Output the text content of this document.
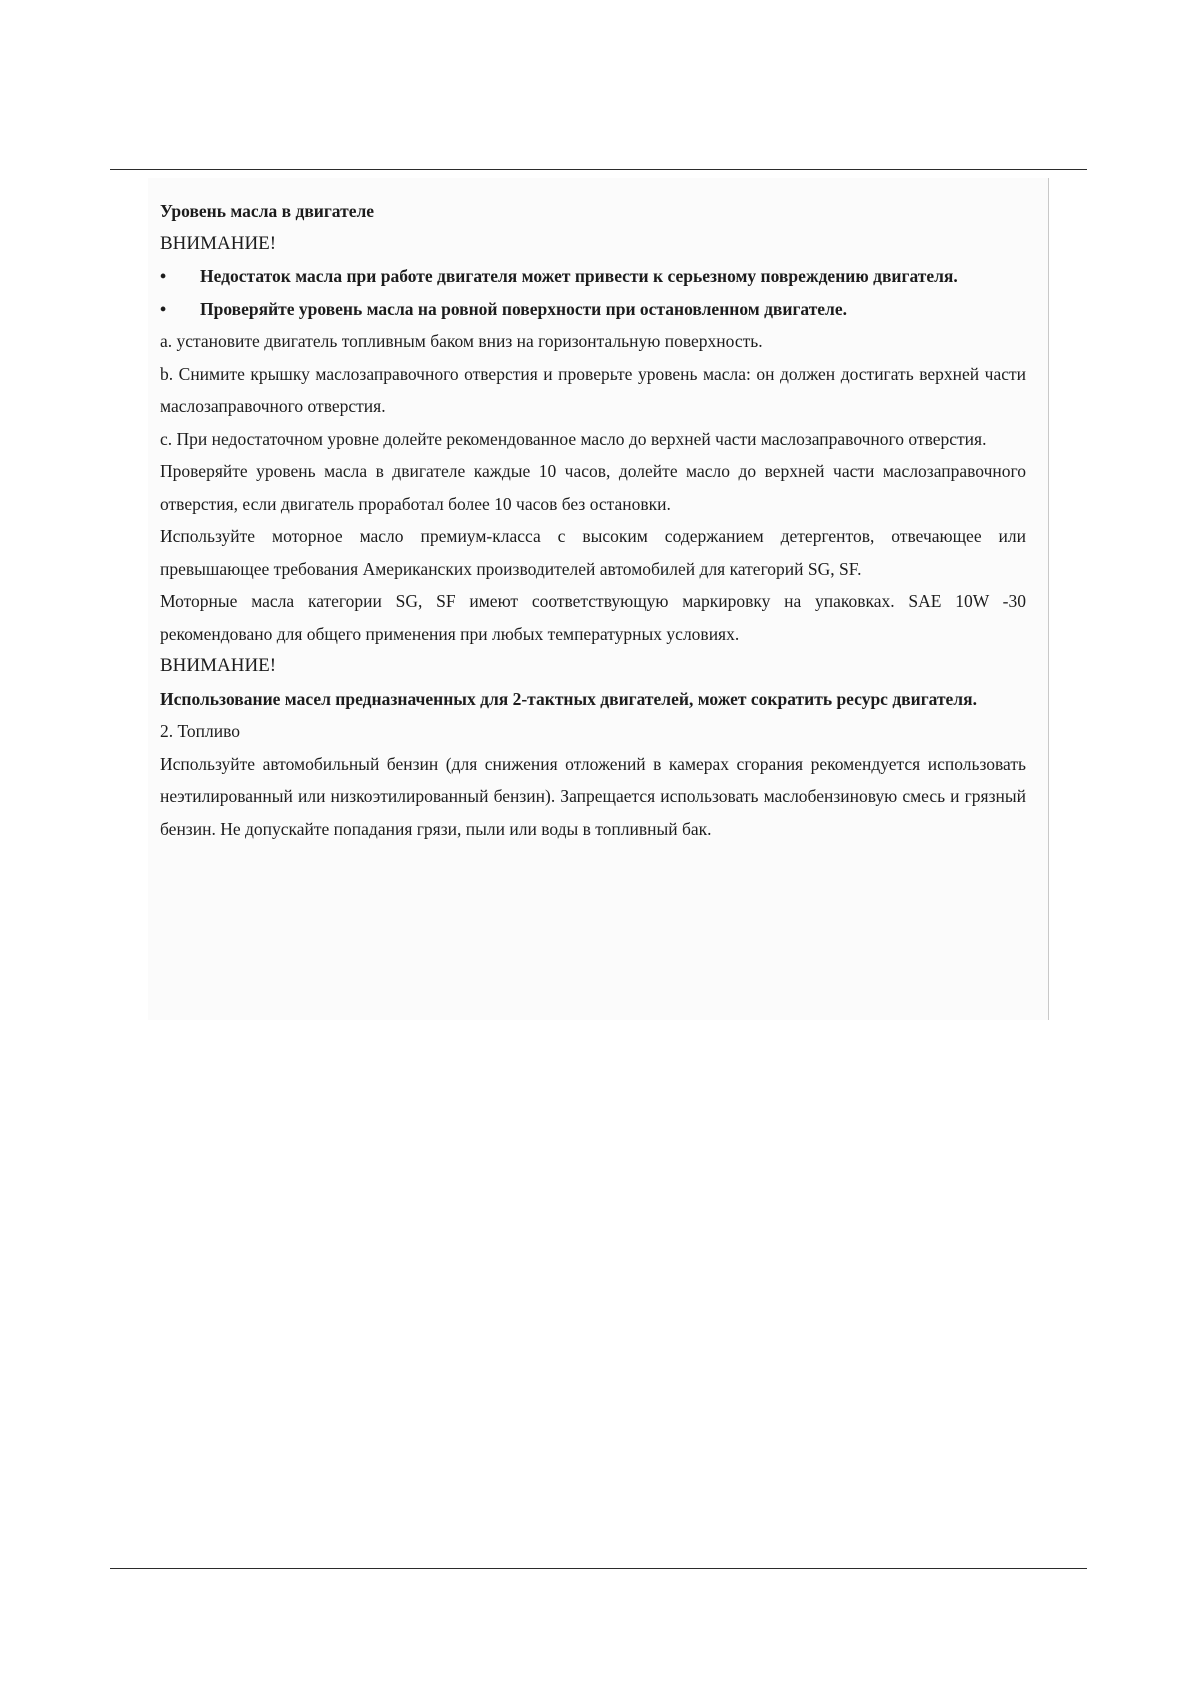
Уровень масла в двигателе

ВНИМАНИЕ!

• Недостаток масла при работе двигателя может привести к серьезному повреждению двигателя.

• Проверяйте уровень масла на ровной поверхности при остановленном двигателе.

a. установите двигатель топливным баком вниз на горизонтальную поверхность.

b. Снимите крышку маслозаправочного отверстия и проверьте уровень масла: он должен достигать верхней части маслозаправочного отверстия.

c. При недостаточном уровне долейте рекомендованное масло до верхней части маслозаправочного отверстия.

Проверяйте уровень масла в двигателе каждые 10 часов, долейте масло до верхней части маслозаправочного отверстия, если двигатель проработал более 10 часов без остановки.

Используйте моторное масло премиум-класса с высоким содержанием детергентов, отвечающее или превышающее требования Американских производителей автомобилей для категорий SG, SF.

Моторные масла категории SG, SF имеют соответствующую маркировку на упаковках. SAE 10W -30 рекомендовано для общего применения при любых температурных условиях.

ВНИМАНИЕ!

Использование масел предназначенных для 2-тактных двигателей, может сократить ресурс двигателя.

2. Топливо

Используйте автомобильный бензин (для снижения отложений в камерах сгорания рекомендуется использовать неэтилированный или низкоэтилированный бензин). Запрещается использовать маслобензиновую смесь и грязный бензин. Не допускайте попадания грязи, пыли или воды в топливный бак.
